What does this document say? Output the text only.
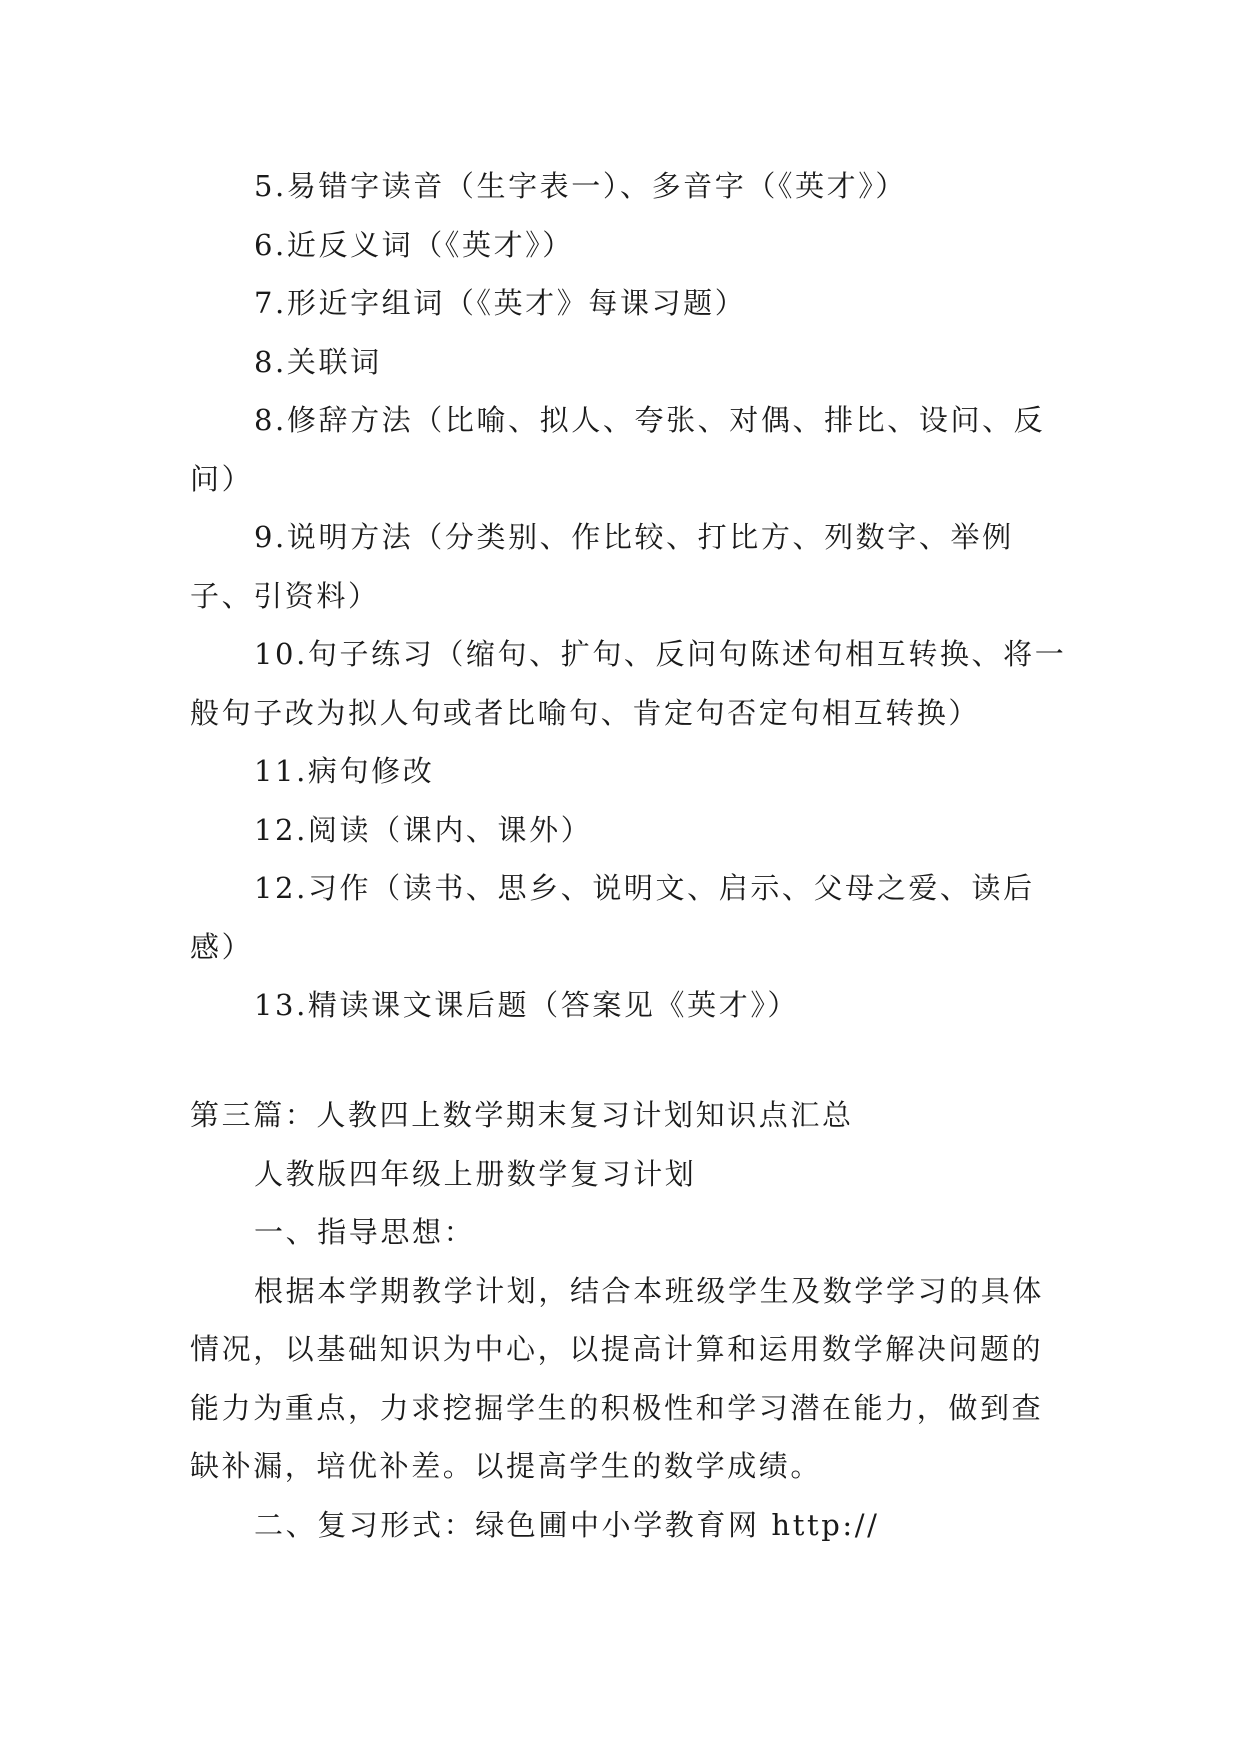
5.易错字读音（生字表一）、多音字（《英才》）

6.近反义词（《英才》）

7.形近字组词（《英才》每课习题）

8.关联词

8.修辞方法（比喻、拟人、夸张、对偶、排比、设问、反问）

9.说明方法（分类别、作比较、打比方、列数字、举例子、引资料）

10.句子练习（缩句、扩句、反问句陈述句相互转换、将一般句子改为拟人句或者比喻句、肯定句否定句相互转换）

11.病句修改

12.阅读（课内、课外）

12.习作（读书、思乡、说明文、启示、父母之爱、读后感）

13.精读课文课后题（答案见《英才》）

第三篇：人教四上数学期末复习计划知识点汇总

人教版四年级上册数学复习计划

一、指导思想：

根据本学期教学计划，结合本班级学生及数学学习的具体情况，以基础知识为中心，以提高计算和运用数学解决问题的能力为重点，力求挖掘学生的积极性和学习潜在能力，做到查缺补漏，培优补差。以提高学生的数学成绩。

二、复习形式：绿色圃中小学教育网 http://
